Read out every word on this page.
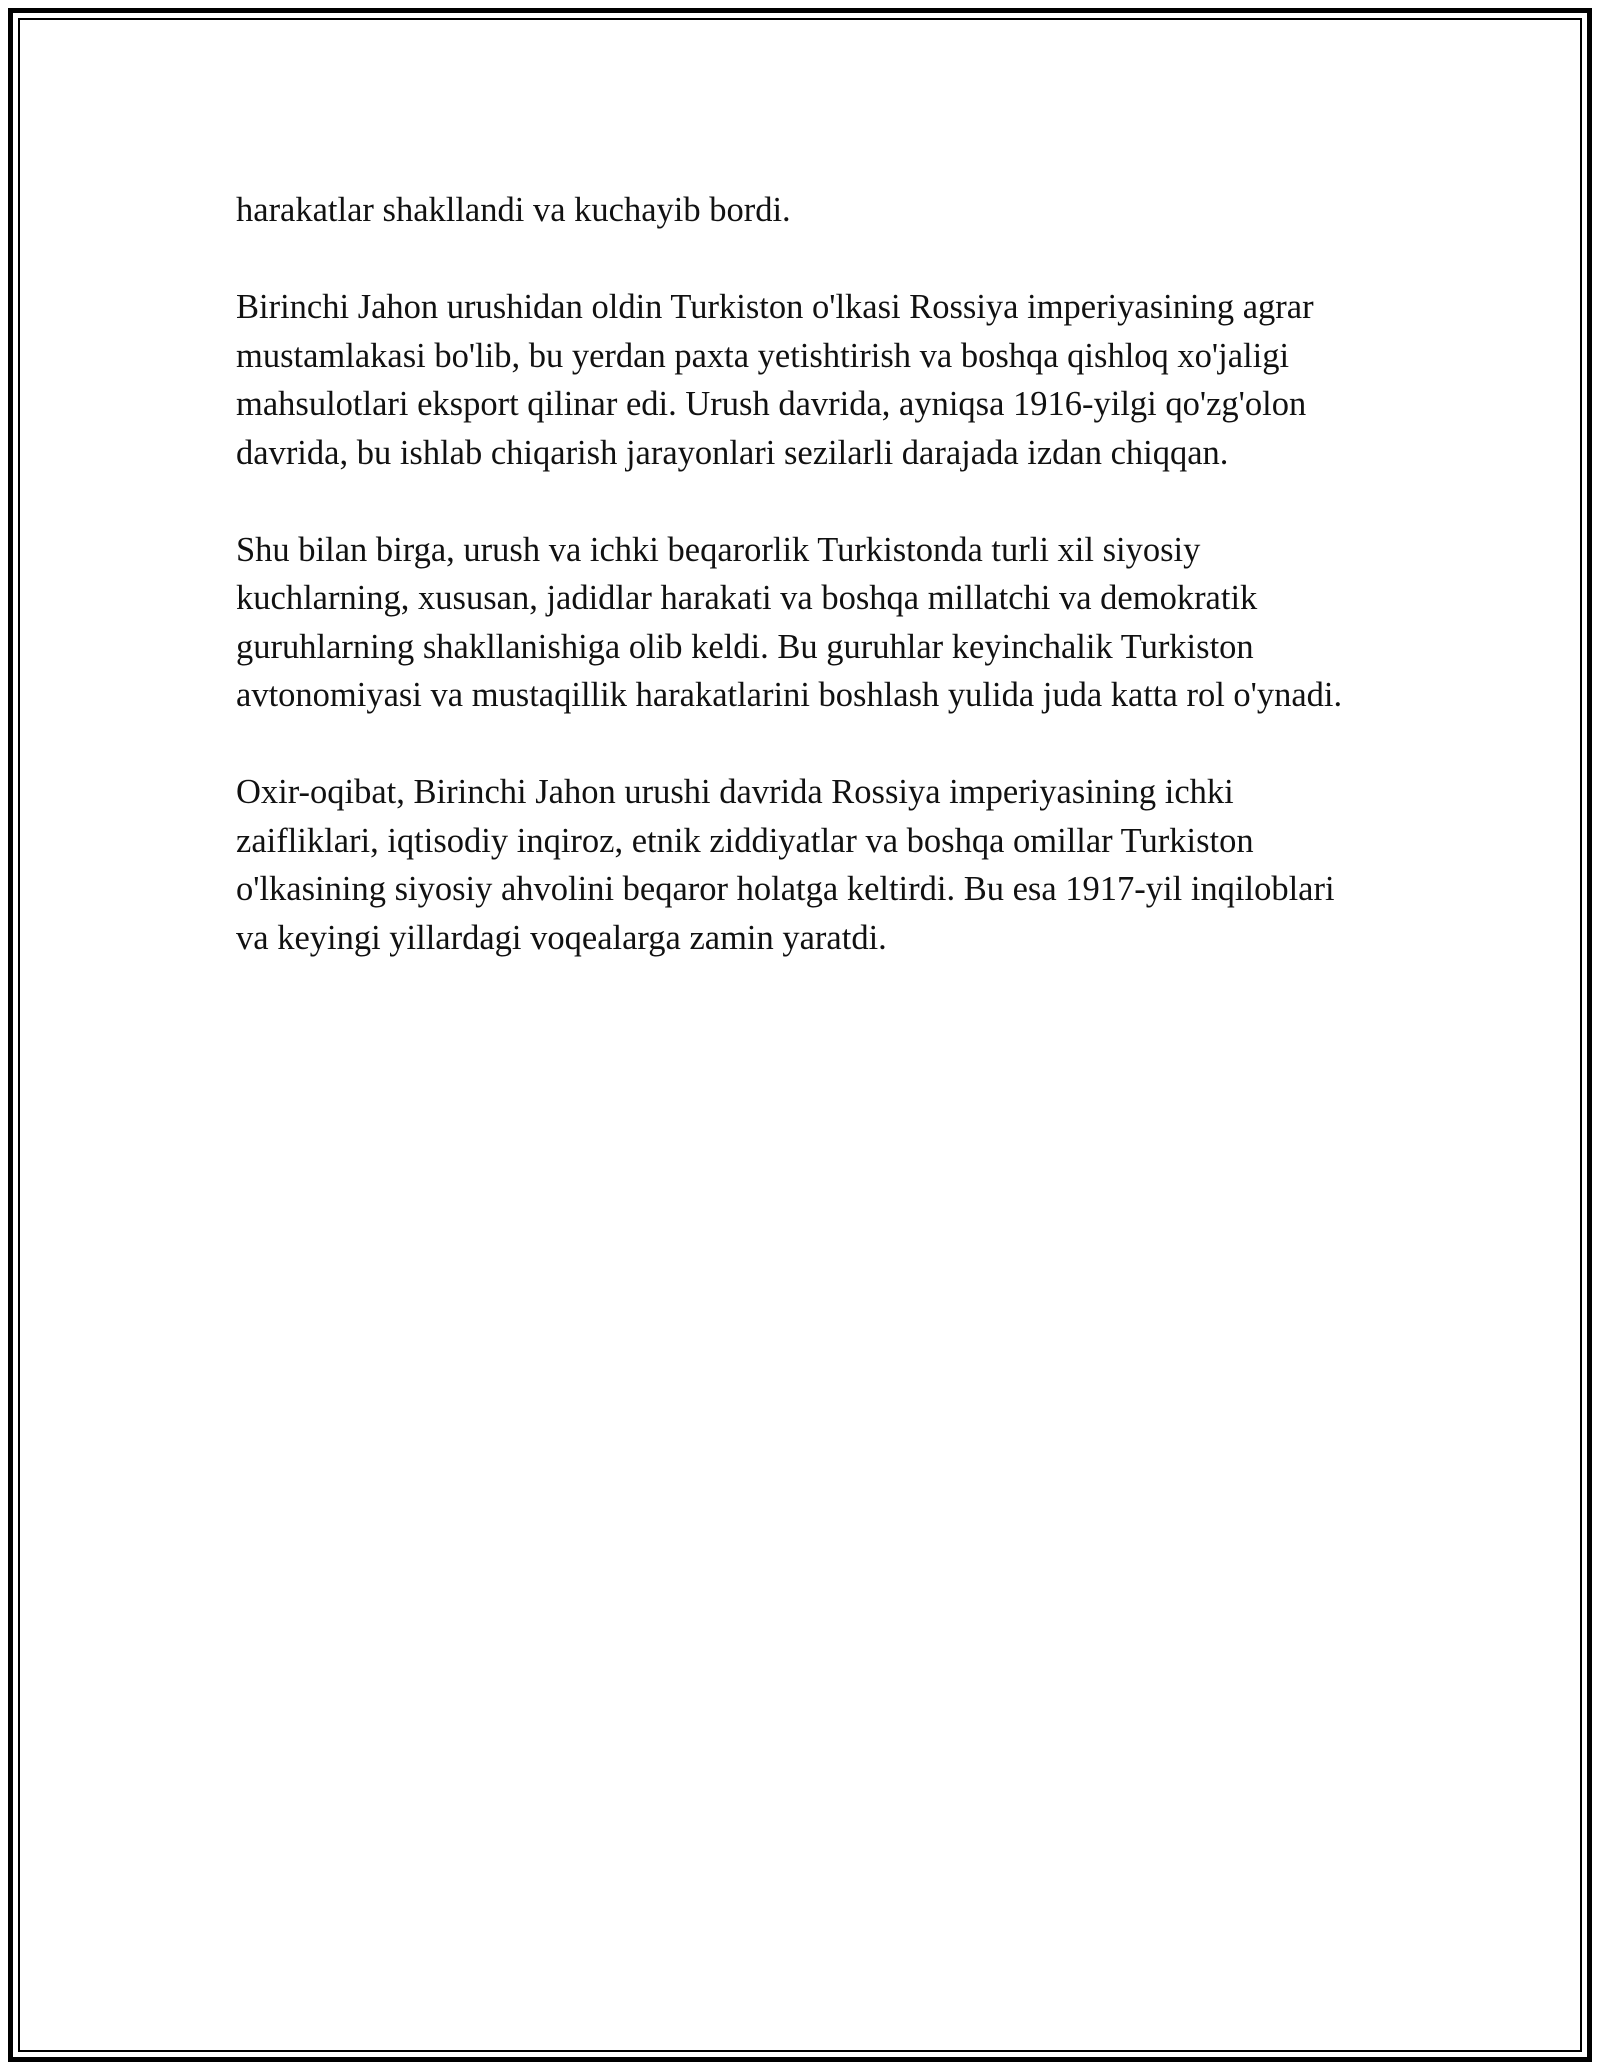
harakatlar shakllandi va kuchayib bordi.

Birinchi Jahon urushidan oldin Turkiston o'lkasi Rossiya imperiyasining agrar mustamlakasi bo'lib, bu yerdan paxta yetishtirish va boshqa qishloq xo'jaligi mahsulotlari eksport qilinar edi. Urush davrida, ayniqsa 1916-yilgi qo'zg'olon davrida, bu ishlab chiqarish jarayonlari sezilarli darajada izdan chiqqan.

Shu bilan birga, urush va ichki beqarorlik Turkistonda turli xil siyosiy kuchlarning, xususan, jadidlar harakati va boshqa millatchi va demokratik guruhlarning shakllanishiga olib keldi. Bu guruhlar keyinchalik Turkiston avtonomiyasi va mustaqillik harakatlarini boshlash yulida juda katta rol o'ynadi.

Oxir-oqibat, Birinchi Jahon urushi davrida Rossiya imperiyasining ichki zaifliklari, iqtisodiy inqiroz, etnik ziddiyatlar va boshqa omillar Turkiston o'lkasining siyosiy ahvolini beqaror holatga keltirdi. Bu esa 1917-yil inqiloblari va keyingi yillardagi voqealarga zamin yaratdi.
